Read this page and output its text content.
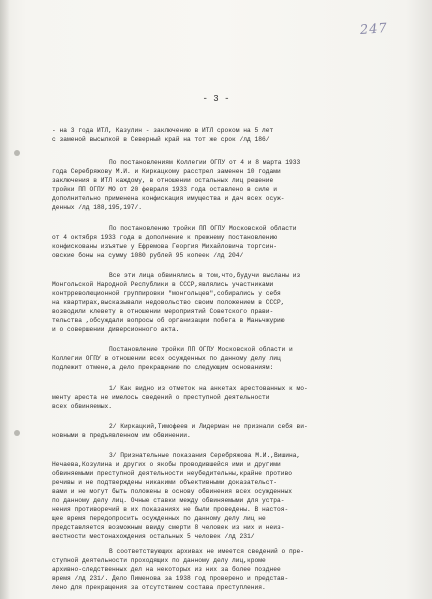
247
- 3 -
- на 3 года ИТЛ, Казулин - заключению в ИТЛ сроком на 5 лет
с заменой высылкой в Северный край на тот же срок /лд 186/
По постановлениям Коллегии ОГПУ от 4 и 8 марта 1933
года Серебряжову М.И. и Киркацкому расстрел заменен 10 годами
заключения в ИТЛ каждому, в отношении остальных лиц решение
тройки ПП ОГПУ МО от 20 февраля 1933 года оставлено в силе и
дополнительно применена конфискация имущества и дач всех осуж-
денных /лд 188,195,197/.
По постановлению тройки ПП ОГПУ Московской области
от 4 октября 1933 года в дополнение к прежнему постановлению
конфискованы изъятые у Ефремова Георгия Михайловича торгсин-
овские боны на сумму 1080 рублей 95 копеек /лд 204/
Все эти лица обвинялись в том,что,будучи высланы из
Монгольской Народной Республики в СССР,являлись участниками
контрреволюционной группировки "монгольцев",собирались у себя
на квартирах,высказывали недовольство своим положением в СССР,
возводили клевету в отношении мероприятий Советского прави-
тельства ,обсуждали вопросы об организации побега в Маньчжурию
и о совершении диверсионного акта.
Постановление тройки ПП ОГПУ Московской области и
Коллегии ОГПУ в отношении всех осужденных по данному делу лиц
подлежит отмене,а дело прекращению по следующим основаниям:
1/ Как видно из отметок на анкетах арестованных к мо-
менту ареста не имелось сведений о преступной деятельности
всех обвиняемых.
2/ Киркацкий,Тимофеев и Лидерман не признали себя ви-
новными в предъявленном им обвинении.
3/ Признательные показания Серебряжова М.И.,Вишина,
Нечаева,Козулина и других о якобы проводившейся ими и другими
обвиняемыми преступной деятельности неубедительны,крайне противо
речивы и не подтверждены никакими объективными доказательст-
вами и не могут быть положены в основу обвинения всех осужденных
по данному делу лиц. Очные ставки между обвиняемыми для устра-
нения противоречий в их показаниях не были проведены. В настоя-
щее время передопросить осужденных по данному делу лиц не
представляется возможным ввиду смерти 8 человек из них и неиз-
вестности местонахождения остальных 5 человек /лд 231/
В соответствующих архивах не имеется сведений о пре-
ступной деятельности проходящих по данному делу лиц,кроме
архивно-следственных дел на некоторых из них за более позднее
время /лд 231/. Дело Пименова за 1938 год проверено и представ-
лено для прекращения за отсутствием состава преступления.
